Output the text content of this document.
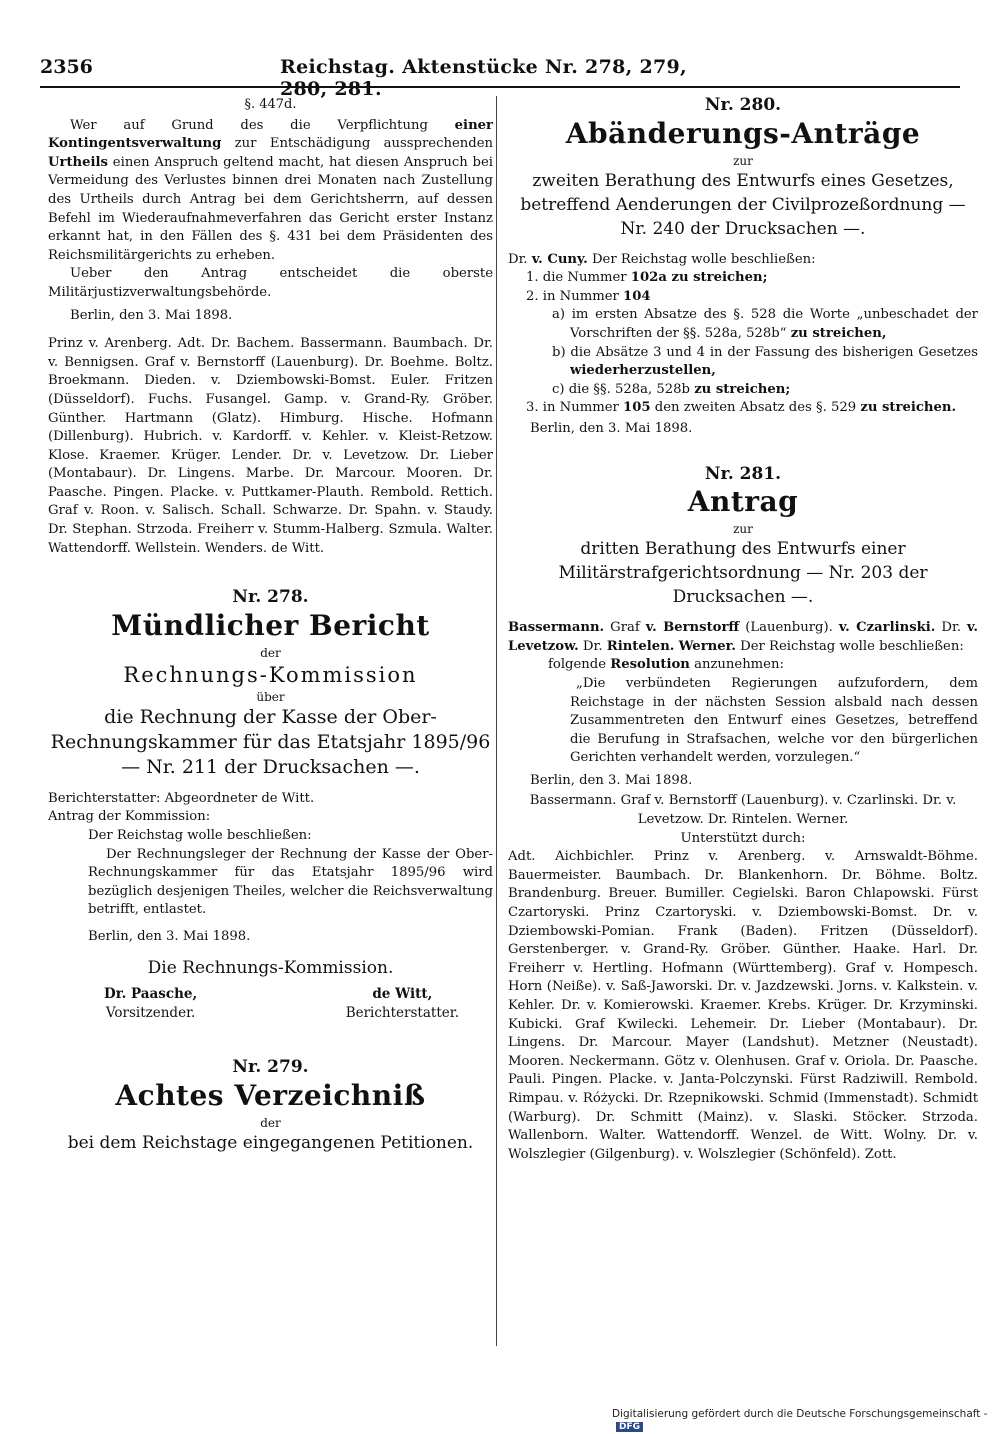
2356	Reichstag. Aktenstücke Nr. 278, 279, 280, 281.

§. 447d.

Wer auf Grund des die Verpflichtung einer Kontingentsverwaltung zur Entschädigung aussprechenden Urtheils einen Anspruch geltend macht, hat diesen Anspruch bei Vermeidung des Verlustes binnen drei Monaten nach Zustellung des Urtheils durch Antrag bei dem Gerichtsherrn, auf dessen Befehl im Wiederaufnahmeverfahren das Gericht erster Instanz erkannt hat, in den Fällen des §. 431 bei dem Präsidenten des Reichsmilitärgerichts zu erheben.

Ueber den Antrag entscheidet die oberste Militärjustizverwaltungsbehörde.

Berlin, den 3. Mai 1898.

Prinz v. Arenberg. Adt. Dr. Bachem. Bassermann. Baumbach. Dr. v. Bennigsen. Graf v. Bernstorff (Lauenburg). Dr. Boehme. Boltz. Broekmann. Dieden. v. Dziembowski-Bomst. Euler. Fritzen (Düsseldorf). Fuchs. Fusangel. Gamp. v. Grand-Ry. Gröber. Günther. Hartmann (Glatz). Himburg. Hische. Hofmann (Dillenburg). Hubrich. v. Kardorff. v. Kehler. v. Kleist-Retzow. Klose. Kraemer. Krüger. Lender. Dr. v. Levetzow. Dr. Lieber (Montabaur). Dr. Lingens. Marbe. Dr. Marcour. Mooren. Dr. Paasche. Pingen. Placke. v. Puttkamer-Plauth. Rembold. Rettich. Graf v. Roon. v. Salisch. Schall. Schwarze. Dr. Spahn. v. Staudy. Dr. Stephan. Strzoda. Freiherr v. Stumm-Halberg. Szmula. Walter. Wattendorff. Wellstein. Wenders. de Witt.

Nr. 278.

Mündlicher Bericht

der

Rechnungs-Kommission

über

die Rechnung der Kasse der Ober-Rechnungskammer für das Etatsjahr 1895/96 — Nr. 211 der Drucksachen —.

Berichterstatter: Abgeordneter de Witt.

Antrag der Kommission:

Der Reichstag wolle beschließen:

Der Rechnungsleger der Rechnung der Kasse der Ober-Rechnungskammer für das Etatsjahr 1895/96 wird bezüglich desjenigen Theiles, welcher die Reichsverwaltung betrifft, entlastet.

Berlin, den 3. Mai 1898.

Die Rechnungs-Kommission.

Dr. Paasche,

Vorsitzender.

de Witt,

Berichterstatter.

Nr. 279.

Achtes Verzeichniß

der

bei dem Reichstage eingegangenen Petitionen.

Nr. 280.

Abänderungs-Anträge

zur

zweiten Berathung des Entwurfs eines Gesetzes, betreffend Aenderungen der Civilprozeßordnung — Nr. 240 der Drucksachen —.

Dr. v. Cuny. Der Reichstag wolle beschließen:

1. die Nummer 102a zu streichen;

2. in Nummer 104

a) im ersten Absatze des §. 528 die Worte „unbeschadet der Vorschriften der §§. 528a, 528b“ zu streichen,

b) die Absätze 3 und 4 in der Fassung des bisherigen Gesetzes wiederherzustellen,

c) die §§. 528a, 528b zu streichen;

3. in Nummer 105 den zweiten Absatz des §. 529 zu streichen.

Berlin, den 3. Mai 1898.

Nr. 281.

Antrag

zur

dritten Berathung des Entwurfs einer Militärstrafgerichtsordnung — Nr. 203 der Drucksachen —.

Bassermann. Graf v. Bernstorff (Lauenburg). v. Czarlinski. Dr. v. Levetzow. Dr. Rintelen. Werner. Der Reichstag wolle beschließen:

folgende Resolution anzunehmen:

„Die verbündeten Regierungen aufzufordern, dem Reichstage in der nächsten Session alsbald nach dessen Zusammentreten den Entwurf eines Gesetzes, betreffend die Berufung in Strafsachen, welche vor den bürgerlichen Gerichten verhandelt werden, vorzulegen.“

Berlin, den 3. Mai 1898.

Bassermann. Graf v. Bernstorff (Lauenburg). v. Czarlinski. Dr. v. Levetzow. Dr. Rintelen. Werner.

Unterstützt durch:

Adt. Aichbichler. Prinz v. Arenberg. v. Arnswaldt-Böhme. Bauermeister. Baumbach. Dr. Blankenhorn. Dr. Böhme. Boltz. Brandenburg. Breuer. Bumiller. Cegielski. Baron Chlapowski. Fürst Czartoryski. Prinz Czartoryski. v. Dziembowski-Bomst. Dr. v. Dziembowski-Pomian. Frank (Baden). Fritzen (Düsseldorf). Gerstenberger. v. Grand-Ry. Gröber. Günther. Haake. Harl. Dr. Freiherr v. Hertling. Hofmann (Württemberg). Graf v. Hompesch. Horn (Neiße). v. Saß-Jaworski. Dr. v. Jazdzewski. Jorns. v. Kalkstein. v. Kehler. Dr. v. Komierowski. Kraemer. Krebs. Krüger. Dr. Krzyminski. Kubicki. Graf Kwilecki. Lehemeir. Dr. Lieber (Montabaur). Dr. Lingens. Dr. Marcour. Mayer (Landshut). Metzner (Neustadt). Mooren. Neckermann. Götz v. Olenhusen. Graf v. Oriola. Dr. Paasche. Pauli. Pingen. Placke. v. Janta-Polczynski. Fürst Radziwill. Rembold. Rimpau. v. Różycki. Dr. Rzepnikowski. Schmid (Immenstadt). Schmidt (Warburg). Dr. Schmitt (Mainz). v. Slaski. Stöcker. Strzoda. Wallenborn. Walter. Wattendorff. Wenzel. de Witt. Wolny. Dr. v. Wolszlegier (Gilgenburg). v. Wolszlegier (Schönfeld). Zott.

Digitalisierung gefördert durch die Deutsche Forschungsgemeinschaft -DFG
